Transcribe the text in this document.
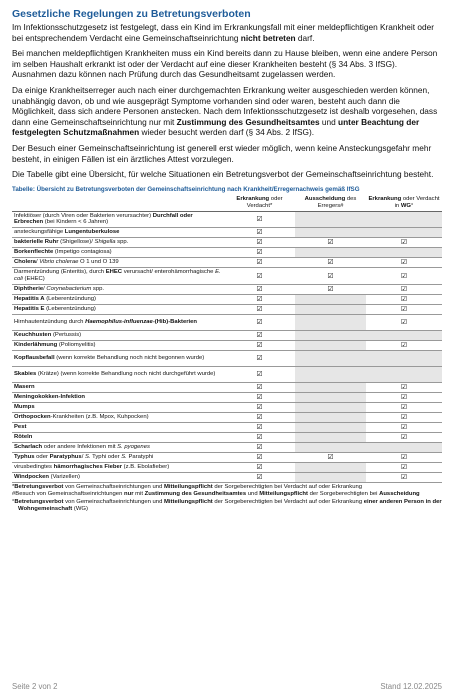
Gesetzliche Regelungen zu Betretungsverboten

Im Infektionsschutzgesetz ist festgelegt, dass ein Kind im Erkrankungsfall mit einer meldepflichtigen Krankheit oder bei entsprechendem Verdacht eine Gemeinschaftseinrichtung nicht betreten darf.

Bei manchen meldepflichtigen Krankheiten muss ein Kind bereits dann zu Hause bleiben, wenn eine andere Person im selben Haushalt erkrankt ist oder der Verdacht auf eine dieser Krankheiten besteht (§ 34 Abs. 3 IfSG). Ausnahmen dazu können nach Prüfung durch das Gesundheitsamt zugelassen werden.

Da einige Krankheitserreger auch nach einer durchgemachten Erkrankung weiter ausgeschieden werden können, unabhängig davon, ob und wie ausgeprägt Symptome vorhanden sind oder waren, besteht auch dann die Möglichkeit, dass sich andere Personen anstecken. Nach dem Infektionsschutzgesetz ist deshalb vorgesehen, dass dann eine Gemeinschaftseinrichtung nur mit Zustimmung des Gesundheitsamtes und unter Beachtung der festgelegten Schutzmaßnahmen wieder besucht werden darf (§ 34 Abs. 2 IfSG).

Der Besuch einer Gemeinschaftseinrichtung ist generell erst wieder möglich, wenn keine Ansteckungsgefahr mehr besteht, in einigen Fällen ist ein ärztliches Attest vorzulegen.

Die Tabelle gibt eine Übersicht, für welche Situationen ein Betretungsverbot der Gemeinschaftseinrichtung besteht.

Tabelle: Übersicht zu Betretungsverboten der Gemeinschaftseinrichtung nach Krankheit/Erregernachweis gemäß IfSG
	Erkrankung oder Verdacht*	Ausscheidung des Erregers#	Erkrankung oder Verdacht in WG°
Infektiöser (durch Viren oder Bakterien verursachter) Durchfall oder Erbrechen (bei Kindern < 6 Jahren)	☑		
ansteckungsfähige Lungentuberkulose	☑		
bakterielle Ruhr (Shigellose)/ Shigella spp.	☑	☑	☑
Borkenflechte (Impetigo contagiosa)	☑		
Cholera/ Vibrio cholerae O 1 und O 139	☑	☑	☑
Darmentzündung (Enteritis), durch EHEC verursacht/ enterohämorrhagische E. coli (EHEC)	☑	☑	☑
Diphtherie/ Corynebacterium spp.	☑	☑	☑
Hepatitis A (Leberentzündung)	☑		☑
Hepatitis E (Leberentzündung)	☑		☑
Hirnhautentzündung durch Haemophilus-influenzae-(Hib)-Bakterien	☑		☑
Keuchhusten (Pertussis)	☑		
Kinderlähmung (Poliomyelitis)	☑		☑
Kopflausbefall (wenn korrekte Behandlung noch nicht begonnen wurde)	☑		
Skabies (Krätze) (wenn korrekte Behandlung noch nicht durchgeführt wurde)	☑		
Masern	☑		☑
Meningokokken-Infektion	☑		☑
Mumps	☑		☑
Orthopocken-Krankheiten (z.B. Mpox, Kuhpocken)	☑		☑
Pest	☑		☑
Röteln	☑		☑
Scharlach oder andere Infektionen mit S. pyogenes	☑		
Typhus oder Paratyphus/ S. Typhi oder S. Paratyphi	☑	☑	☑
virusbedingtes hämorrhagisches Fieber (z.B. Ebolafieber)	☑		☑
Windpocken (Varizellen)	☑		☑
*Betretungsverbot von Gemeinschaftseinrichtungen und Mitteilungspflicht der Sorgeberechtigten bei Verdacht auf oder Erkrankung
#Besuch von Gemeinschaftseinrichtungen nur mit Zustimmung des Gesundheitsamtes und Mitteilungspflicht der Sorgeberechtigten bei Ausscheidung
°Betretungsverbot von Gemeinschaftseinrichtungen und Mitteilungspflicht der Sorgeberechtigten bei Verdacht auf oder Erkrankung einer anderen Person in der Wohngemeinschaft (WG)
Seite 2 von 2	Stand 12.02.2025
